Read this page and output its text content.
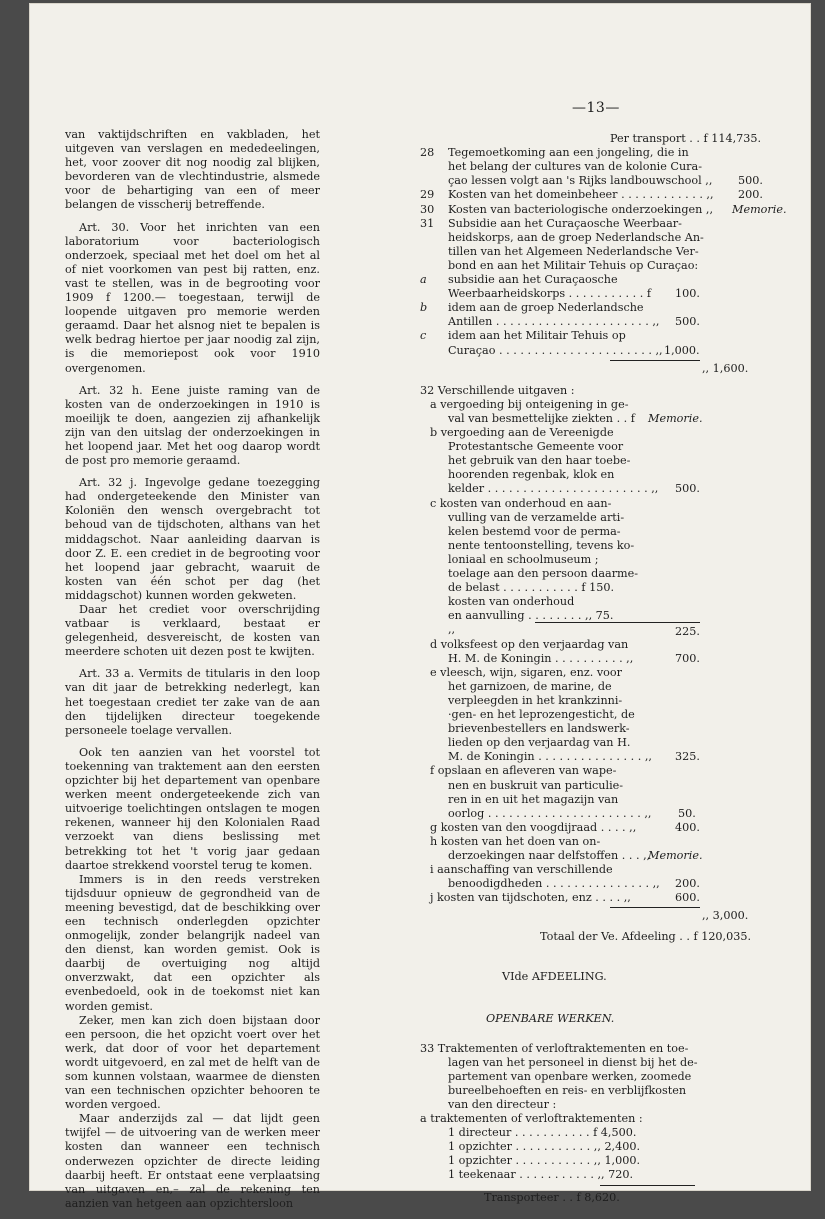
—13—

van vaktijdschriften en vakbladen, het uitgeven van verslagen en mededeelingen, het, voor zoover dit nog noodig zal blijken, bevorderen van de vlechtindustrie, alsmede voor de behartiging van een of meer belangen de visscherij betreffende.

Art. 30. Voor het inrichten van een laboratorium voor bacteriologisch onderzoek, speciaal met het doel om het al of niet voorkomen van pest bij ratten, enz. vast te stellen, was in de begrooting voor 1909 f 1200.— toegestaan, terwijl de loopende uitgaven pro memorie werden geraamd. Daar het alsnog niet te bepalen is welk bedrag hiertoe per jaar noodig zal zijn, is die memoriepost ook voor 1910 overgenomen.

Art. 32 h. Eene juiste raming van de kosten van de onderzoekingen in 1910 is moeilijk te doen, aangezien zij afhankelijk zijn van den uitslag der onderzoekingen in het loopend jaar. Met het oog daarop wordt de post pro memorie geraamd.

Art. 32 j. Ingevolge gedane toezegging had ondergeteekende den Minister van Koloniën den wensch overgebracht tot behoud van de tijdschoten, althans van het middagschot. Naar aanleiding daarvan is door Z. E. een crediet in de begrooting voor het loopend jaar gebracht, waaruit de kosten van één schot per dag (het middagschot) kunnen worden gekweten.

Daar het crediet voor overschrijding vatbaar is verklaard, bestaat er gelegenheid, desvereischt, de kosten van meerdere schoten uit dezen post te kwijten.

Art. 33 a. Vermits de titularis in den loop van dit jaar de betrekking nederlegt, kan het toegestaan crediet ter zake van de aan den tijdelijken directeur toegekende personeele toelage vervallen.

Ook ten aanzien van het voorstel tot toekenning van traktement aan den eersten opzichter bij het departement van openbare werken meent ondergeteekende zich van uitvoerige toelichtingen ontslagen te mogen rekenen, wanneer hij den Kolonialen Raad verzoekt van diens beslissing met betrekking tot het 't vorig jaar gedaan daartoe strekkend voorstel terug te komen.

Immers is in den reeds verstreken tijdsduur opnieuw de gegrondheid van de meening bevestigd, dat de beschikking over een technisch onderlegden opzichter onmogelijk, zonder belangrijk nadeel van den dienst, kan worden gemist. Ook is daarbij de overtuiging nog altijd onverzwakt, dat een opzichter als evenbedoeld, ook in de toekomst niet kan worden gemist.

Zeker, men kan zich doen bijstaan door een persoon, die het opzicht voert over het werk, dat door of voor het departement wordt uitgevoerd, en zal met de helft van de som kunnen volstaan, waarmee de diensten van een technischen opzichter behooren te worden vergoed.

Maar anderzijds zal — dat lijdt geen twijfel — de uitvoering van de werken meer kosten dan wanneer een technisch onderwezen opzichter de directe leiding daarbij heeft. Er ontstaat eene verplaatsing van uitgaven en,– zal de rekening ten aanzien van hetgeen aan opzichtersloon

Per transport . . f 114,735.
28 Tegemoetkoming aan een jongeling, die in
het belang der cultures van de kolonie Cura-
çao lessen volgt aan 's Rijks landbouwschool ,,
29 Kosten van het domeinbeheer . . . . . . . . . . . . ,,
30 Kosten van bacteriologische onderzoekingen ,,
31 Subsidie aan het Curaçaosche Weerbaar-
heidskorps, aan de groep Nederlandsche An-
tillen van het Algemeen Nederlandsche Ver-
bond en aan het Militair Tehuis op Curaçao:
a subsidie aan het Curaçaosche
Weerbaarheidskorps . . . . . . . . . . . f
b idem aan de groep Nederlandsche
Antillen . . . . . . . . . . . . . . . . . . . . . . ,,
c idem aan het Militair Tehuis op
Curaçao . . . . . . . . . . . . . . . . . . . . . . ,,
500.
200.
Memorie.
100.
500.
1,000.
,, 1,600.
32 Verschillende uitgaven :
a vergoeding bij onteigening in ge-
val van besmettelijke ziekten . . f
b vergoeding aan de Vereenigde
Protestantsche Gemeente voor
het gebruik van den haar toebe-
hoorenden regenbak, klok en
kelder . . . . . . . . . . . . . . . . . . . . . . . ,,
c kosten van onderhoud en aan-
vulling van de verzamelde arti-
kelen bestemd voor de perma-
nente tentoonstelling, tevens ko-
loniaal en schoolmuseum ;
toelage aan den persoon daarme-
de belast . . . . . . . . . . . f 150.
kosten van onderhoud
en aanvulling . . . . . . . . ,, 75.
,,
d volksfeest op den verjaardag van
H. M. de Koningin . . . . . . . . . . ,,
e vleesch, wijn, sigaren, enz. voor
het garnizoen, de marine, de
verpleegden in het krankzinni-
·gen- en het leprozengesticht, de
brievenbestellers en landswerk-
lieden op den verjaardag van H.
M. de Koningin . . . . . . . . . . . . . . . ,,
f opslaan en afleveren van wape-
nen en buskruit van particulie-
ren in en uit het magazijn van
oorlog . . . . . . . . . . . . . . . . . . . . . . ,,
g kosten van den voogdijraad . . . . ,,
h kosten van het doen van on-
derzoekingen naar delfstoffen . . . ,,
i aanschaffing van verschillende
benoodigdheden . . . . . . . . . . . . . . . ,,
j kosten van tijdschoten, enz . . . . ,,
Memorie.
500.
225.
700.
325.
50.
400.
Memorie.
200.
600.
,, 3,000.
Totaal der Ve. Afdeeling . . f 120,035.
VIde AFDEELING.
OPENBARE WERKEN.
33 Traktementen of verloftraktementen en toe-
lagen van het personeel in dienst bij het de-
partement van openbare werken, zoomede
bureelbehoeften en reis- en verblijfkosten
van den directeur :
a traktementen of verloftraktementen :
1 directeur . . . . . . . . . . . f 4,500.
1 opzichter . . . . . . . . . . . ,, 2,400.
1 opzichter . . . . . . . . . . . ,, 1,000.
1 teekenaar . . . . . . . . . . . ,, 720.
Transporteer . . f 8,620.
